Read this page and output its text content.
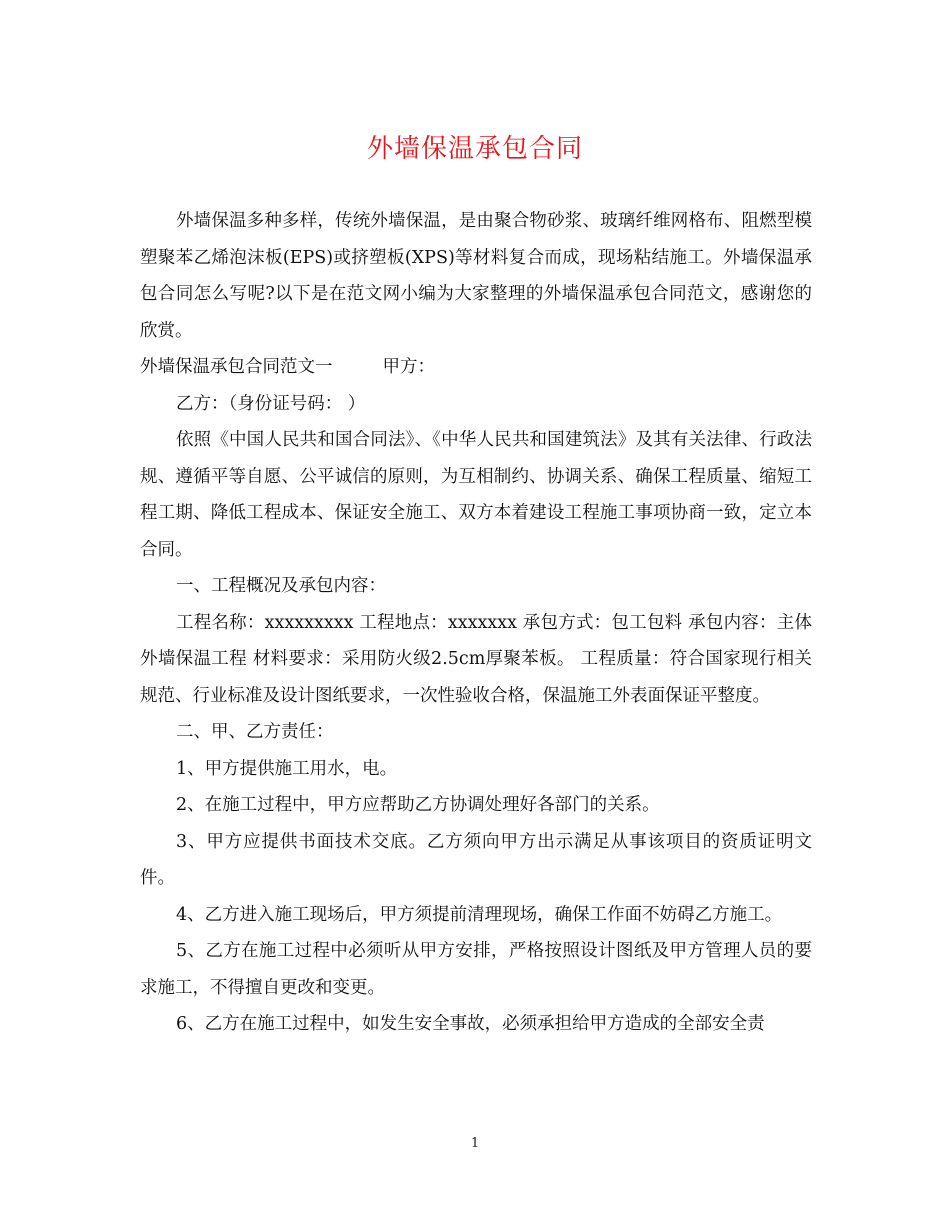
外墙保温承包合同

外墙保温多种多样，传统外墙保温，是由聚合物砂浆、玻璃纤维网格布、阻燃型模塑聚苯乙烯泡沫板(EPS)或挤塑板(XPS)等材料复合而成，现场粘结施工。外墙保温承包合同怎么写呢?以下是在范文网小编为大家整理的外墙保温承包合同范文，感谢您的欣赏。

外墙保温承包合同范文一	甲方：

乙方：（身份证号码： ）

依照《中国人民共和国合同法》、《中华人民共和国建筑法》及其有关法律、行政法规、遵循平等自愿、公平诚信的原则，为互相制约、协调关系、确保工程质量、缩短工程工期、降低工程成本、保证安全施工、双方本着建设工程施工事项协商一致，定立本合同。

一、工程概况及承包内容：

工程名称：xxxxxxxxx 工程地点：xxxxxxx 承包方式：包工包料 承包内容：主体外墙保温工程 材料要求：采用防火级2.5cm厚聚苯板。 工程质量：符合国家现行相关规范、行业标准及设计图纸要求，一次性验收合格，保温施工外表面保证平整度。

二、甲、乙方责任：

1、甲方提供施工用水，电。

2、在施工过程中，甲方应帮助乙方协调处理好各部门的关系。

3、甲方应提供书面技术交底。乙方须向甲方出示满足从事该项目的资质证明文件。

4、乙方进入施工现场后，甲方须提前清理现场，确保工作面不妨碍乙方施工。

5、乙方在施工过程中必须听从甲方安排，严格按照设计图纸及甲方管理人员的要求施工，不得擅自更改和变更。

6、乙方在施工过程中，如发生安全事故，必须承担给甲方造成的全部安全责

1
